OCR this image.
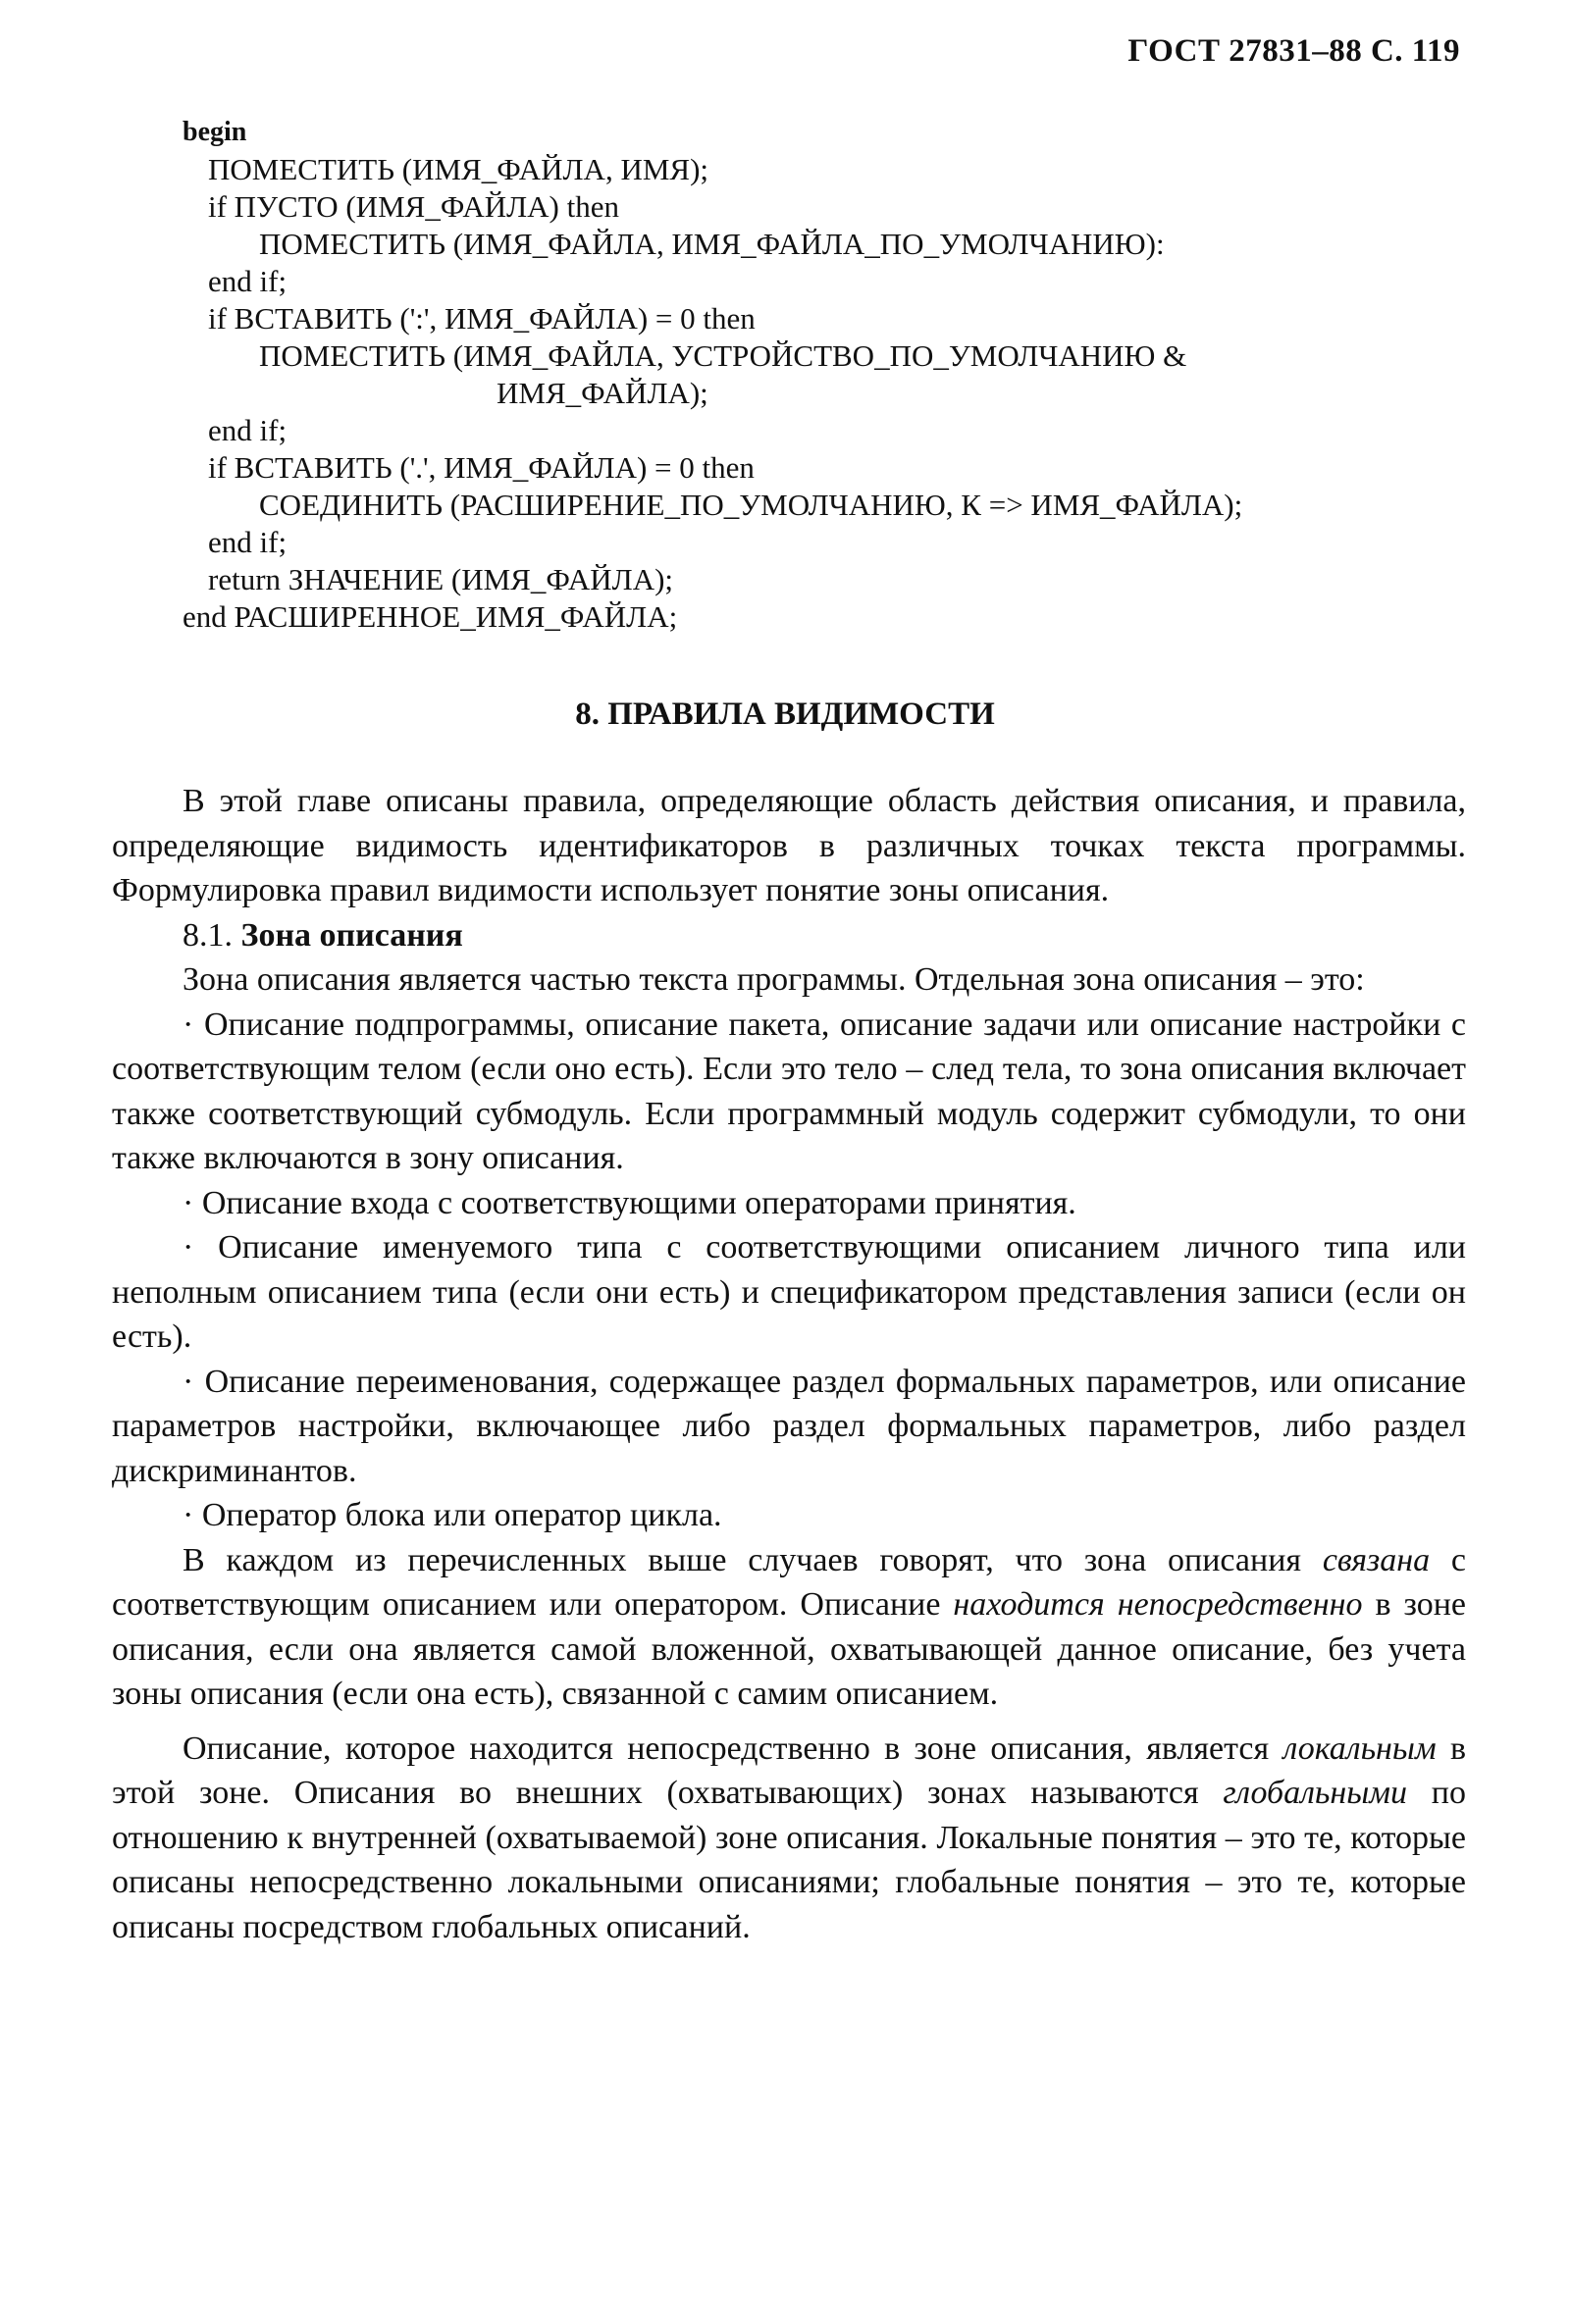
ГОСТ 27831–88 С. 119
begin
ПОМЕСТИТЬ (ИМЯ_ФАЙЛА, ИМЯ);
if ПУСТО (ИМЯ_ФАЙЛА) then
ПОМЕСТИТЬ (ИМЯ_ФАЙЛА, ИМЯ_ФАЙЛА_ПО_УМОЛЧАНИЮ):
end if;
if ВСТАВИТЬ (':', ИМЯ_ФАЙЛА) = 0 then
ПОМЕСТИТЬ (ИМЯ_ФАЙЛА, УСТРОЙСТВО_ПО_УМОЛЧАНИЮ &
ИМЯ_ФАЙЛА);
end if;
if ВСТАВИТЬ ('.', ИМЯ_ФАЙЛА) = 0 then
СОЕДИНИТЬ (РАСШИРЕНИЕ_ПО_УМОЛЧАНИЮ, К => ИМЯ_ФАЙЛА);
end if;
return ЗНАЧЕНИЕ (ИМЯ_ФАЙЛА);
end РАСШИРЕННОЕ_ИМЯ_ФАЙЛА;
8. ПРАВИЛА ВИДИМОСТИ

В этой главе описаны правила, определяющие область действия описания, и правила, определяющие видимость идентификаторов в различных точках текста программы. Формулировка правил видимости использует понятие зоны описания.

8.1. Зона описания

Зона описания является частью текста программы. Отдельная зона описания – это:

· Описание подпрограммы, описание пакета, описание задачи или описание настройки с соответствующим телом (если оно есть). Если это тело – след тела, то зона описания включает также соответствующий субмодуль. Если программный модуль содержит субмодули, то они также включаются в зону описания.

· Описание входа с соответствующими операторами принятия.

· Описание именуемого типа с соответствующими описанием личного типа или неполным описанием типа (если они есть) и спецификатором представления записи (если он есть).

· Описание переименования, содержащее раздел формальных параметров, или описание параметров настройки, включающее либо раздел формальных параметров, либо раздел дискриминантов.

· Оператор блока или оператор цикла.

В каждом из перечисленных выше случаев говорят, что зона описания связана с соответствующим описанием или оператором. Описание находится непосредственно в зоне описания, если она является самой вложенной, охватывающей данное описание, без учета зоны описания (если она есть), связанной с самим описанием.

Описание, которое находится непосредственно в зоне описания, является локальным в этой зоне. Описания во внешних (охватывающих) зонах называются глобальными по отношению к внутренней (охватываемой) зоне описания. Локальные понятия – это те, которые описаны непосредственно локальными описаниями; глобальные понятия – это те, которые описаны посредством глобальных описаний.
